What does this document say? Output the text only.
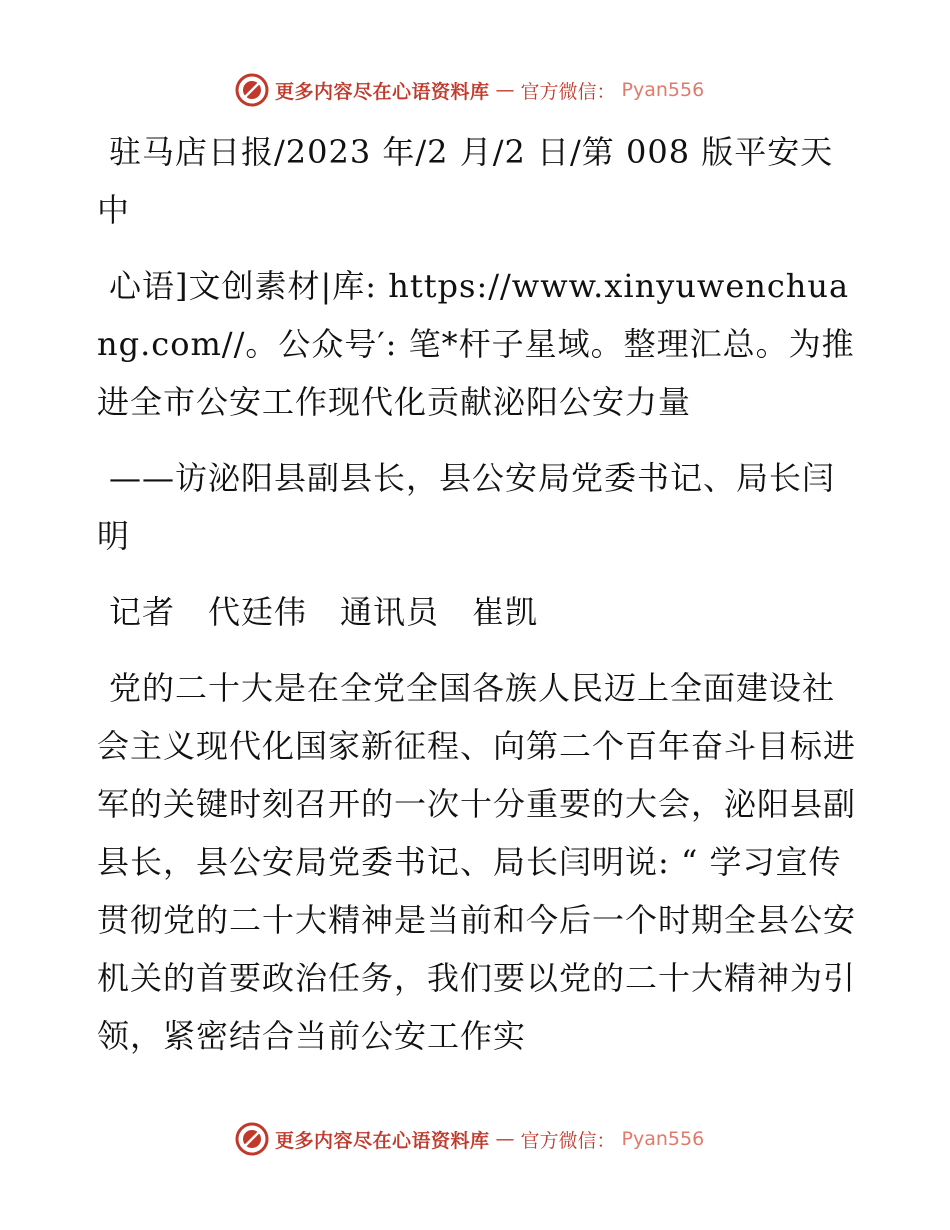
更多内容尽在心语资料库 — 官方微信： Pyan556

驻马店日报/2023 年/2 月/2 日/第 008 版平安天中

心语]文创素材|库: https://www.xinyuwenchuang.com//。公众号′: 笔*杆子星域。整理汇总。为推进全市公安工作现代化贡献泌阳公安力量

——访泌阳县副县长，县公安局党委书记、局长闫明

记者　代廷伟　通讯员　崔凯

党的二十大是在全党全国各族人民迈上全面建设社会主义现代化国家新征程、向第二个百年奋斗目标进军的关键时刻召开的一次十分重要的大会，泌阳县副县长，县公安局党委书记、局长闫明说: “ 学习宣传贯彻党的二十大精神是当前和今后一个时期全县公安机关的首要政治任务，我们要以党的二十大精神为引领，紧密结合当前公安工作实

更多内容尽在心语资料库 — 官方微信： Pyan556
